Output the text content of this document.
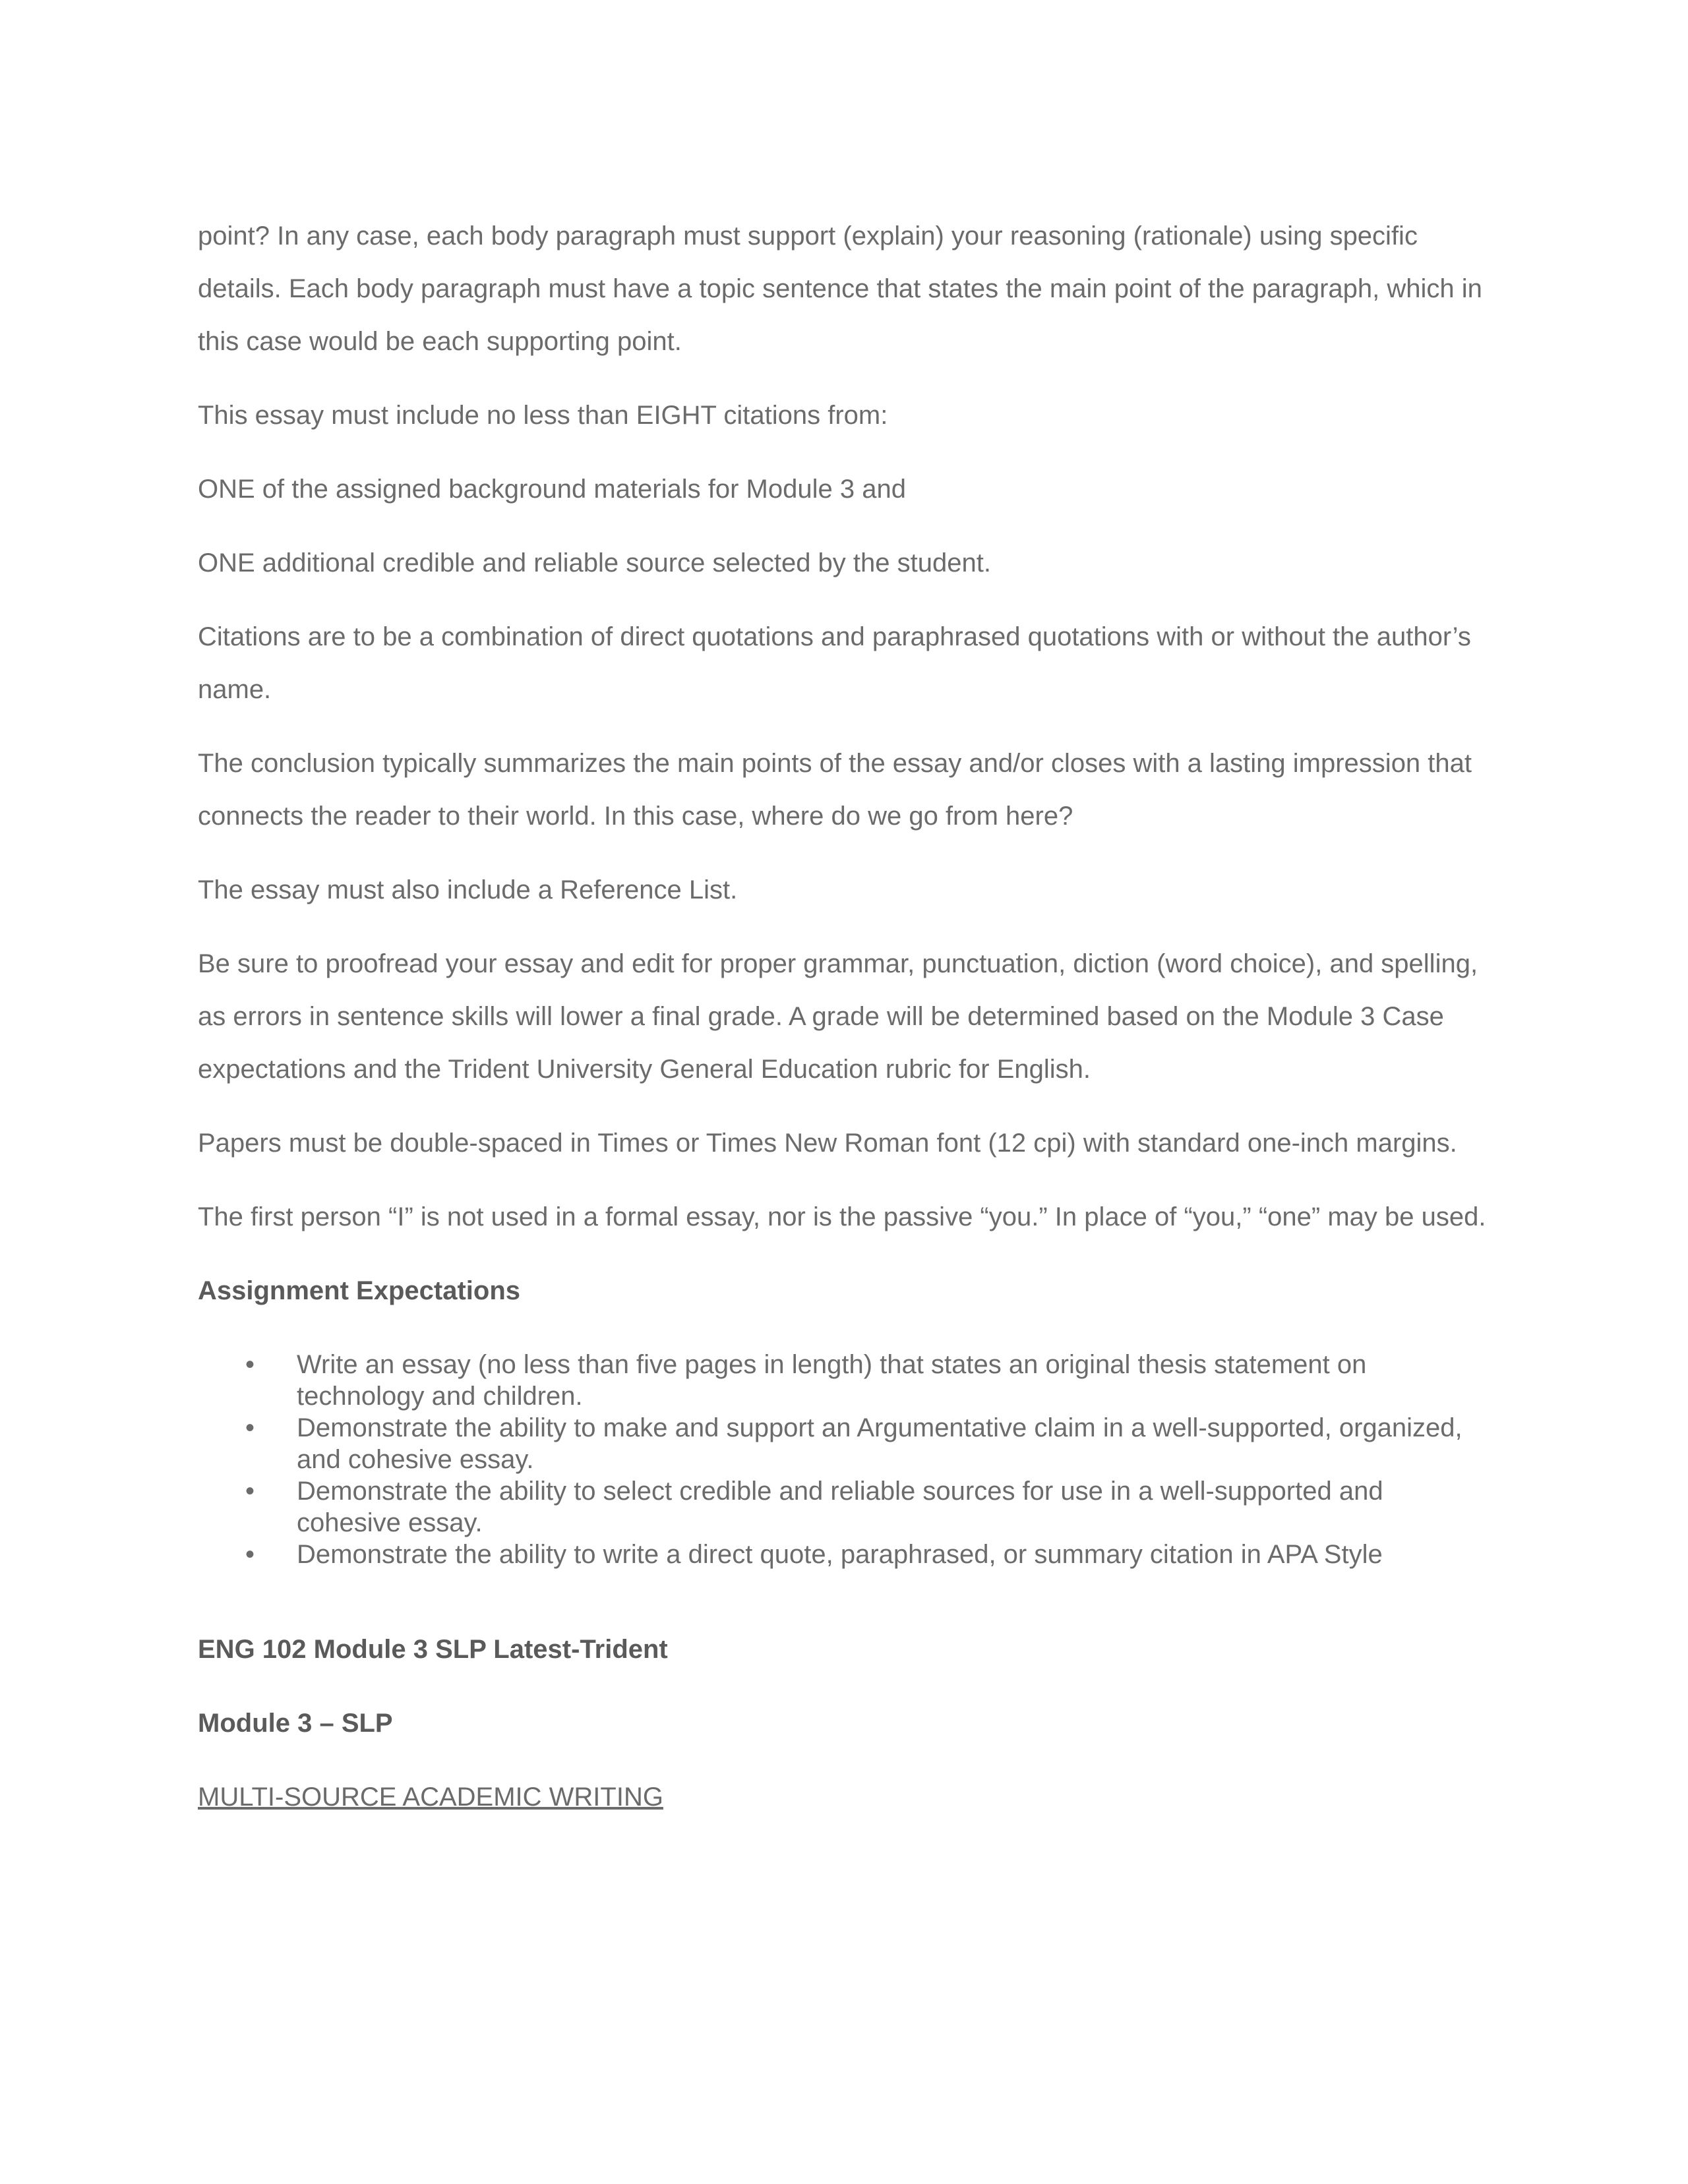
point? In any case, each body paragraph must support (explain) your reasoning (rationale) using specific details. Each body paragraph must have a topic sentence that states the main point of the paragraph, which in this case would be each supporting point.

This essay must include no less than EIGHT citations from:

ONE of the assigned background materials for Module 3 and

ONE additional credible and reliable source selected by the student.

Citations are to be a combination of direct quotations and paraphrased quotations with or without the author’s name.

The conclusion typically summarizes the main points of the essay and/or closes with a lasting impression that connects the reader to their world. In this case, where do we go from here?

The essay must also include a Reference List.

Be sure to proofread your essay and edit for proper grammar, punctuation, diction (word choice), and spelling, as errors in sentence skills will lower a final grade. A grade will be determined based on the Module 3 Case expectations and the Trident University General Education rubric for English.

Papers must be double-spaced in Times or Times New Roman font (12 cpi) with standard one-inch margins.

The first person “I” is not used in a formal essay, nor is the passive “you.” In place of “you,” “one” may be used.

Assignment Expectations

• Write an essay (no less than five pages in length) that states an original thesis statement on technology and children.
• Demonstrate the ability to make and support an Argumentative claim in a well-supported, organized, and cohesive essay.
• Demonstrate the ability to select credible and reliable sources for use in a well-supported and cohesive essay.
• Demonstrate the ability to write a direct quote, paraphrased, or summary citation in APA Style

ENG 102 Module 3 SLP Latest-Trident

Module 3 – SLP

MULTI-SOURCE ACADEMIC WRITING
